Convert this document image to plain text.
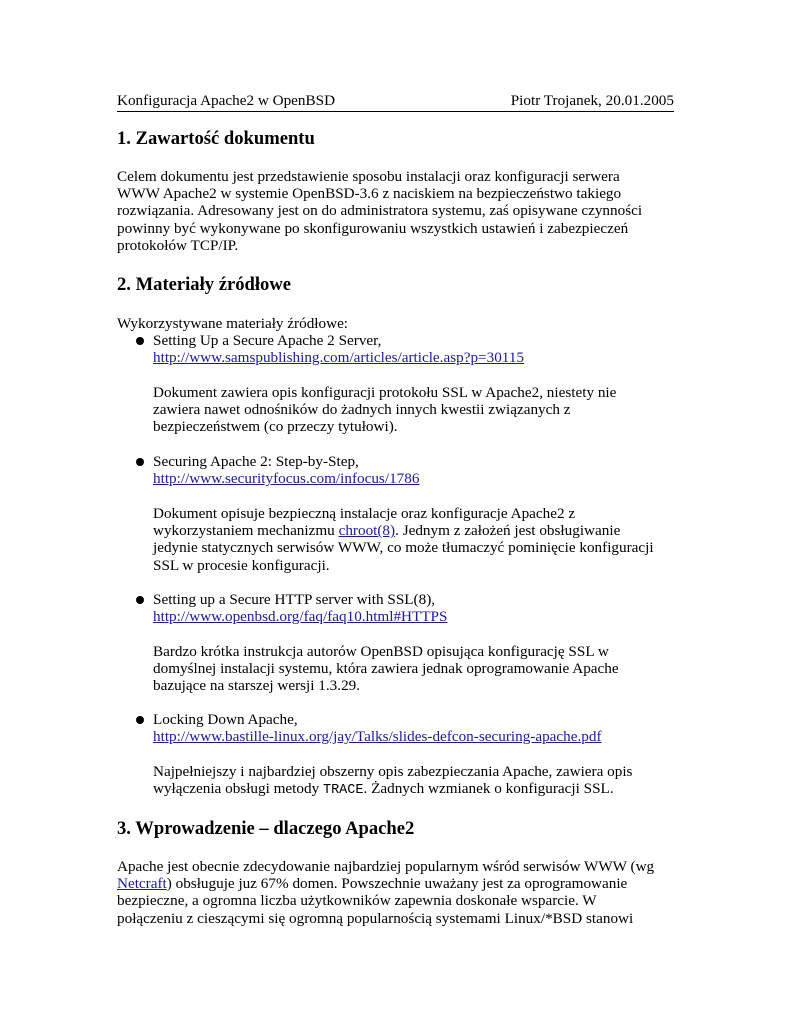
Konfiguracja Apache2 w OpenBSD	Piotr Trojanek, 20.01.2005
1. Zawartość dokumentu
Celem dokumentu jest przedstawienie sposobu instalacji oraz konfiguracji serwera
WWW Apache2 w systemie OpenBSD-3.6 z naciskiem na bezpieczeństwo takiego
rozwiązania. Adresowany jest on do administratora systemu, zaś opisywane czynności
powinny być wykonywane po skonfigurowaniu wszystkich ustawień i zabezpieczeń
protokołów TCP/IP.
2. Materiały źródłowe
Wykorzystywane materiały źródłowe:
Setting Up a Secure Apache 2 Server,
http://www.samspublishing.com/articles/article.asp?p=30115
Dokument zawiera opis konfiguracji protokołu SSL w Apache2, niestety nie
zawiera nawet odnośników do żadnych innych kwestii związanych z
bezpieczeństwem (co przeczy tytułowi).
Securing Apache 2: Step-by-Step,
http://www.securityfocus.com/infocus/1786
Dokument opisuje bezpieczną instalacje oraz konfiguracje Apache2 z
wykorzystaniem mechanizmu chroot(8). Jednym z założeń jest obsługiwanie
jedynie statycznych serwisów WWW, co może tłumaczyć pominięcie konfiguracji
SSL w procesie konfiguracji.
Setting up a Secure HTTP server with SSL(8),
http://www.openbsd.org/faq/faq10.html#HTTPS
Bardzo krótka instrukcja autorów OpenBSD opisująca konfigurację SSL w
domyślnej instalacji systemu, która zawiera jednak oprogramowanie Apache
bazujące na starszej wersji 1.3.29.
Locking Down Apache,
http://www.bastille-linux.org/jay/Talks/slides-defcon-securing-apache.pdf
Najpełniejszy i najbardziej obszerny opis zabezpieczania Apache, zawiera opis
wyłączenia obsługi metody TRACE. Żadnych wzmianek o konfiguracji SSL.
3. Wprowadzenie – dlaczego Apache2
Apache jest obecnie zdecydowanie najbardziej popularnym wśród serwisów WWW (wg
Netcraft) obsługuje juz 67% domen. Powszechnie uważany jest za oprogramowanie
bezpieczne, a ogromna liczba użytkowników zapewnia doskonałe wsparcie. W
połączeniu z cieszącymi się ogromną popularnością systemami Linux/*BSD stanowi
